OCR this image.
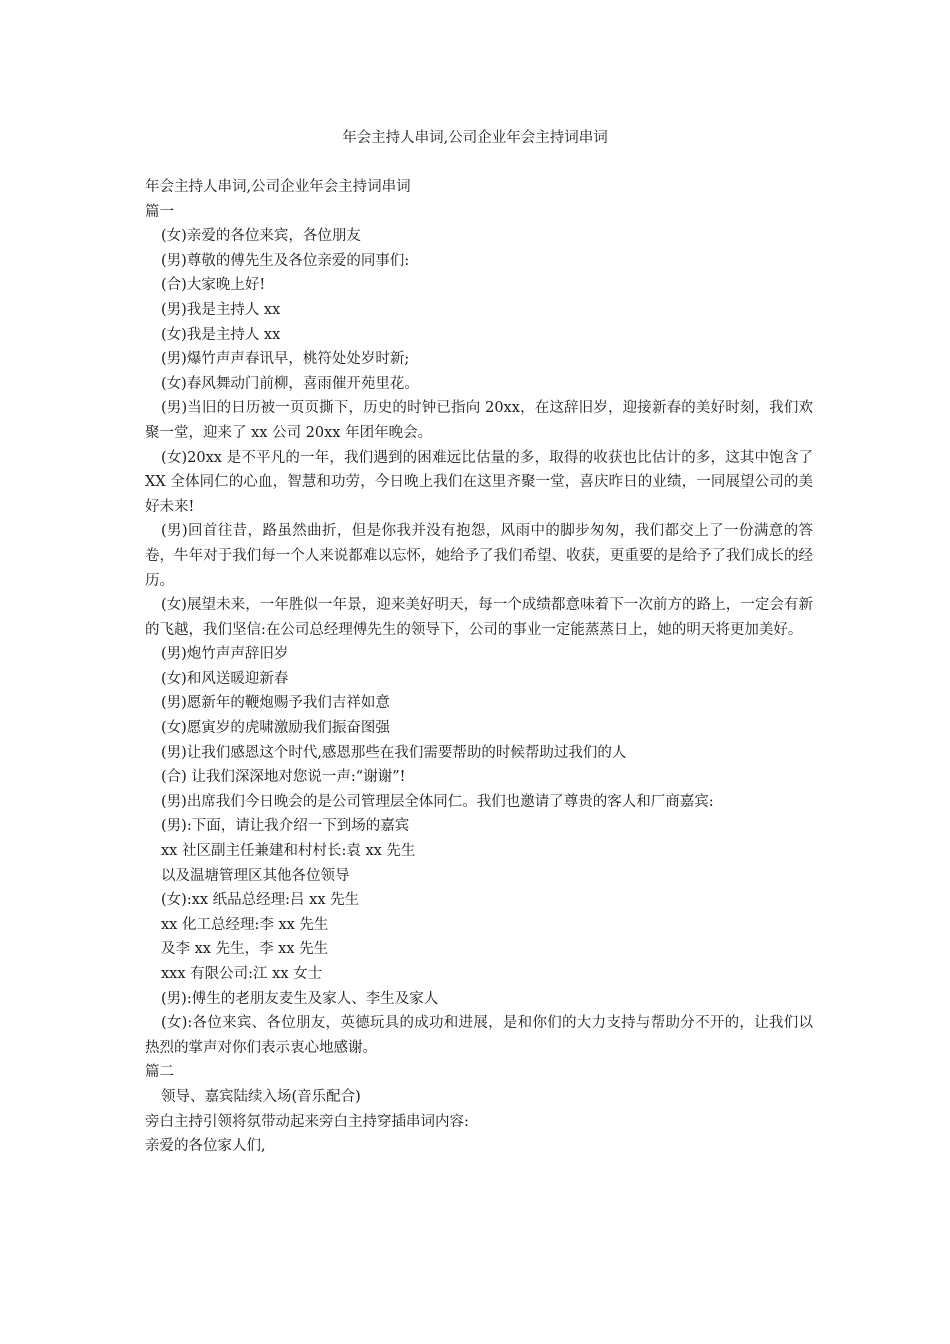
年会主持人串词,公司企业年会主持词串词

年会主持人串词,公司企业年会主持词串词

篇一

(女)亲爱的各位来宾，各位朋友

(男)尊敬的傅先生及各位亲爱的同事们:

(合)大家晚上好!

(男)我是主持人 xx

(女)我是主持人 xx

(男)爆竹声声春讯早，桃符处处岁时新;

(女)春风舞动门前柳，喜雨催开苑里花。

(男)当旧的日历被一页页撕下，历史的时钟已指向 20xx，在这辞旧岁，迎接新春的美好时刻，我们欢聚一堂，迎来了 xx 公司 20xx 年团年晚会。

(女)20xx 是不平凡的一年，我们遇到的困难远比估量的多，取得的收获也比估计的多，这其中饱含了 XX 全体同仁的心血，智慧和功劳，今日晚上我们在这里齐聚一堂，喜庆昨日的业绩，一同展望公司的美好未来!

(男)回首往昔，路虽然曲折，但是你我并没有抱怨，风雨中的脚步匆匆，我们都交上了一份满意的答卷，牛年对于我们每一个人来说都难以忘怀，她给予了我们希望、收获，更重要的是给予了我们成长的经历。

(女)展望未来，一年胜似一年景，迎来美好明天，每一个成绩都意味着下一次前方的路上，一定会有新的飞越，我们坚信:在公司总经理傅先生的领导下，公司的事业一定能蒸蒸日上，她的明天将更加美好。

(男)炮竹声声辞旧岁

(女)和风送暖迎新春

(男)愿新年的鞭炮赐予我们吉祥如意

(女)愿寅岁的虎啸激励我们振奋图强

(男)让我们感恩这个时代,感恩那些在我们需要帮助的时候帮助过我们的人

(合) 让我们深深地对您说一声:“谢谢”!

(男)出席我们今日晚会的是公司管理层全体同仁。我们也邀请了尊贵的客人和厂商嘉宾:

(男):下面，请让我介绍一下到场的嘉宾

xx 社区副主任兼建和村村长:袁 xx 先生

以及温塘管理区其他各位领导

(女):xx 纸品总经理:吕 xx 先生

xx 化工总经理:李 xx 先生

及李 xx 先生，李 xx 先生

xxx 有限公司:江 xx 女士

(男):傅生的老朋友麦生及家人、李生及家人

(女):各位来宾、各位朋友，英德玩具的成功和进展，是和你们的大力支持与帮助分不开的，让我们以热烈的掌声对你们表示衷心地感谢。

篇二

领导、嘉宾陆续入场(音乐配合)

旁白主持引领将氛带动起来旁白主持穿插串词内容:

亲爱的各位家人们,
